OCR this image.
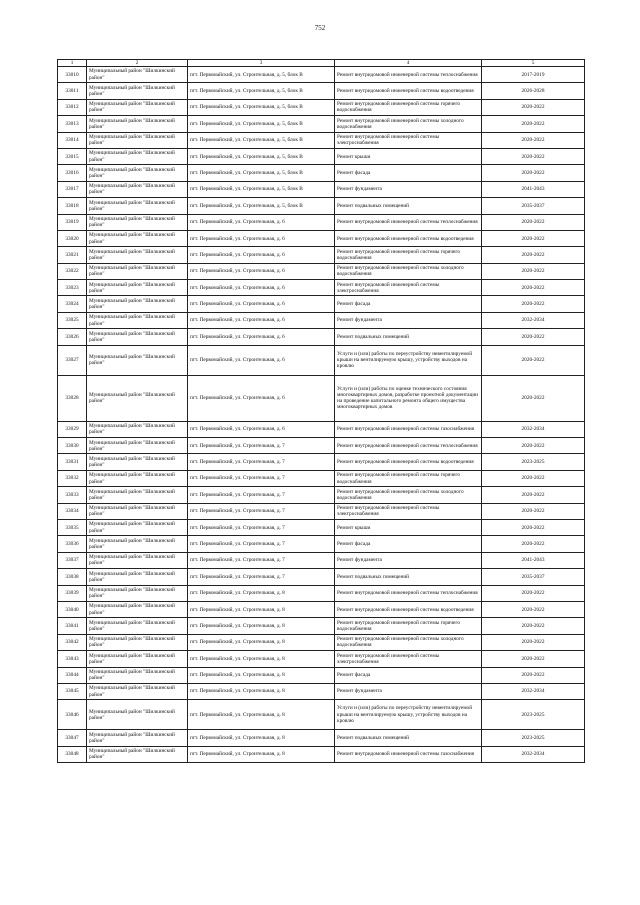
752
1	2	3	4	5
33010	Муниципальный район "Шилкинский район"	пгт. Первомайский, ул. Строительная, д. 5, блок В	Ремонт внутридомовой инженерной системы теплоснабжения	2017-2019
33011	Муниципальный район "Шилкинский район"	пгт. Первомайский, ул. Строительная, д. 5, блок В	Ремонт внутридомовой инженерной системы водоотведения	2026-2028
33012	Муниципальный район "Шилкинский район"	пгт. Первомайский, ул. Строительная, д. 5, блок В	Ремонт внутридомовой инженерной системы горячего водоснабжения	2020-2022
33013	Муниципальный район "Шилкинский район"	пгт. Первомайский, ул. Строительная, д. 5, блок В	Ремонт внутридомовой инженерной системы холодного водоснабжения	2020-2022
33014	Муниципальный район "Шилкинский район"	пгт. Первомайский, ул. Строительная, д. 5, блок В	Ремонт внутридомовой инженерной системы электроснабжения	2020-2022
33015	Муниципальный район "Шилкинский район"	пгт. Первомайский, ул. Строительная, д. 5, блок В	Ремонт крыши	2020-2022
33016	Муниципальный район "Шилкинский район"	пгт. Первомайский, ул. Строительная, д. 5, блок В	Ремонт фасада	2020-2022
33017	Муниципальный район "Шилкинский район"	пгт. Первомайский, ул. Строительная, д. 5, блок В	Ремонт фундамента	2041-2043
33018	Муниципальный район "Шилкинский район"	пгт. Первомайский, ул. Строительная, д. 5, блок В	Ремонт подвальных помещений	2035-2037
33019	Муниципальный район "Шилкинский район"	пгт. Первомайский, ул. Строительная, д. 6	Ремонт внутридомовой инженерной системы теплоснабжения	2020-2022
33020	Муниципальный район "Шилкинский район"	пгт. Первомайский, ул. Строительная, д. 6	Ремонт внутридомовой инженерной системы водоотведения	2020-2022
33021	Муниципальный район "Шилкинский район"	пгт. Первомайский, ул. Строительная, д. 6	Ремонт внутридомовой инженерной системы горячего водоснабжения	2020-2022
33022	Муниципальный район "Шилкинский район"	пгт. Первомайский, ул. Строительная, д. 6	Ремонт внутридомовой инженерной системы холодного водоснабжения	2020-2022
33023	Муниципальный район "Шилкинский район"	пгт. Первомайский, ул. Строительная, д. 6	Ремонт внутридомовой инженерной системы электроснабжения	2020-2022
33024	Муниципальный район "Шилкинский район"	пгт. Первомайский, ул. Строительная, д. 6	Ремонт фасада	2020-2022
33025	Муниципальный район "Шилкинский район"	пгт. Первомайский, ул. Строительная, д. 6	Ремонт фундамента	2032-2034
33026	Муниципальный район "Шилкинский район"	пгт. Первомайский, ул. Строительная, д. 6	Ремонт подвальных помещений	2020-2022
33027	Муниципальный район "Шилкинский район"	пгт. Первомайский, ул. Строительная, д. 6	Услуги и (или) работы по переустройству невентилируемой крыши на вентилируемую крышу, устройству выходов на кровлю	2020-2022
33028	Муниципальный район "Шилкинский район"	пгт. Первомайский, ул. Строительная, д. 6	Услуги и (или) работы по оценке технического состояния многоквартирных домов, разработке проектной документации на проведение капитального ремонта общего имущества многоквартирных домов	2020-2022
33029	Муниципальный район "Шилкинский район"	пгт. Первомайский, ул. Строительная, д. 6	Ремонт внутридомовой инженерной системы газоснабжения	2032-2034
33030	Муниципальный район "Шилкинский район"	пгт. Первомайский, ул. Строительная, д. 7	Ремонт внутридомовой инженерной системы теплоснабжения	2020-2022
33031	Муниципальный район "Шилкинский район"	пгт. Первомайский, ул. Строительная, д. 7	Ремонт внутридомовой инженерной системы водоотведения	2023-2025
33032	Муниципальный район "Шилкинский район"	пгт. Первомайский, ул. Строительная, д. 7	Ремонт внутридомовой инженерной системы горячего водоснабжения	2020-2022
33033	Муниципальный район "Шилкинский район"	пгт. Первомайский, ул. Строительная, д. 7	Ремонт внутридомовой инженерной системы холодного водоснабжения	2020-2022
33034	Муниципальный район "Шилкинский район"	пгт. Первомайский, ул. Строительная, д. 7	Ремонт внутридомовой инженерной системы электроснабжения	2020-2022
33035	Муниципальный район "Шилкинский район"	пгт. Первомайский, ул. Строительная, д. 7	Ремонт крыши	2020-2022
33036	Муниципальный район "Шилкинский район"	пгт. Первомайский, ул. Строительная, д. 7	Ремонт фасада	2020-2022
33037	Муниципальный район "Шилкинский район"	пгт. Первомайский, ул. Строительная, д. 7	Ремонт фундамента	2041-2043
33038	Муниципальный район "Шилкинский район"	пгт. Первомайский, ул. Строительная, д. 7	Ремонт подвальных помещений	2035-2037
33039	Муниципальный район "Шилкинский район"	пгт. Первомайский, ул. Строительная, д. 8	Ремонт внутридомовой инженерной системы теплоснабжения	2020-2022
33040	Муниципальный район "Шилкинский район"	пгт. Первомайский, ул. Строительная, д. 8	Ремонт внутридомовой инженерной системы водоотведения	2020-2022
33041	Муниципальный район "Шилкинский район"	пгт. Первомайский, ул. Строительная, д. 8	Ремонт внутридомовой инженерной системы горячего водоснабжения	2020-2022
33042	Муниципальный район "Шилкинский район"	пгт. Первомайский, ул. Строительная, д. 8	Ремонт внутридомовой инженерной системы холодного водоснабжения	2020-2022
33043	Муниципальный район "Шилкинский район"	пгт. Первомайский, ул. Строительная, д. 8	Ремонт внутридомовой инженерной системы электроснабжения	2020-2022
33044	Муниципальный район "Шилкинский район"	пгт. Первомайский, ул. Строительная, д. 8	Ремонт фасада	2020-2022
33045	Муниципальный район "Шилкинский район"	пгт. Первомайский, ул. Строительная, д. 8	Ремонт фундамента	2032-2034
33046	Муниципальный район "Шилкинский район"	пгт. Первомайский, ул. Строительная, д. 8	Услуги и (или) работы по переустройству невентилируемой крыши на вентилируемую крышу, устройству выходов на кровлю	2023-2025
33047	Муниципальный район "Шилкинский район"	пгт. Первомайский, ул. Строительная, д. 8	Ремонт подвальных помещений	2023-2025
33048	Муниципальный район "Шилкинский район"	пгт. Первомайский, ул. Строительная, д. 8	Ремонт внутридомовой инженерной системы газоснабжения	2032-2034
